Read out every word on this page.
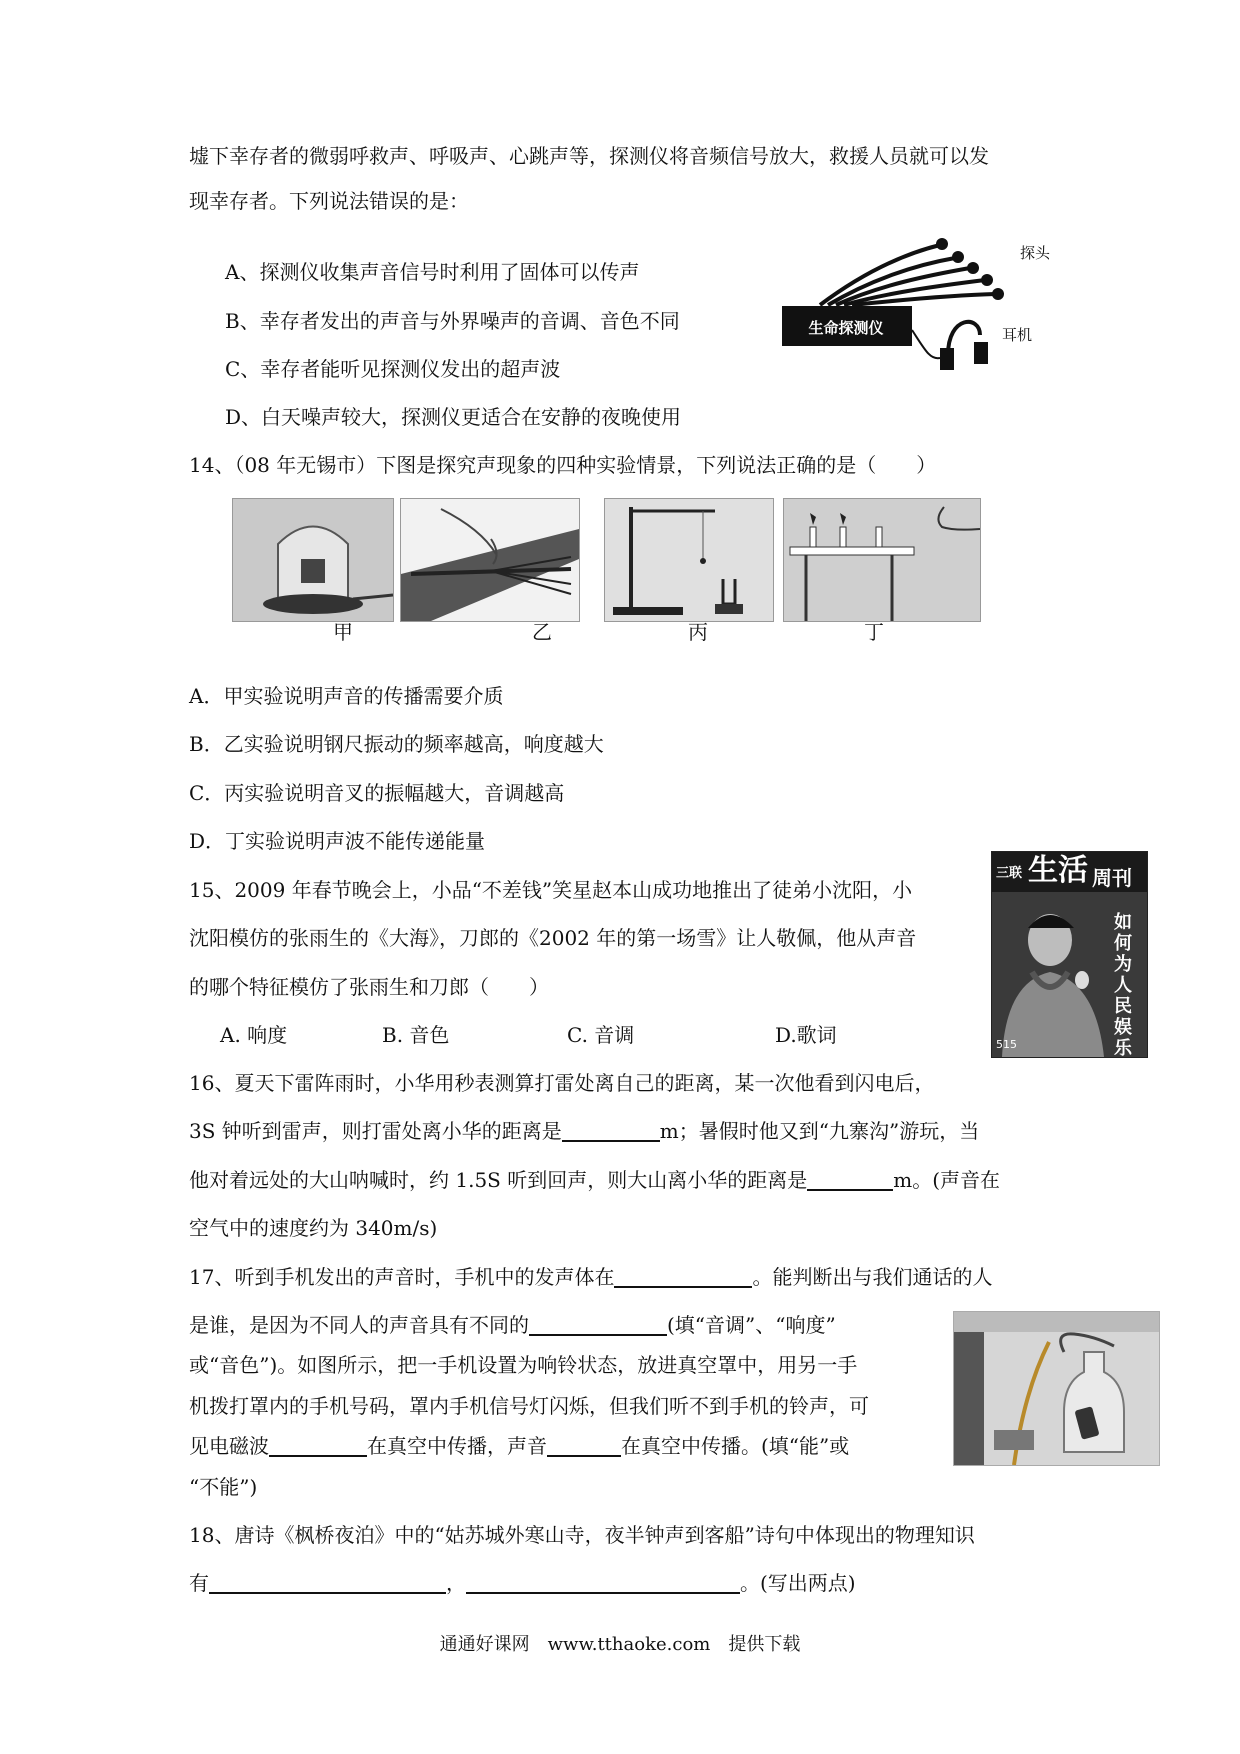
墟下幸存者的微弱呼救声、呼吸声、心跳声等，探测仪将音频信号放大，救援人员就可以发
现幸存者。下列说法错误的是：
A、探测仪收集声音信号时利用了固体可以传声
B、幸存者发出的声音与外界噪声的音调、音色不同
C、幸存者能听见探测仪发出的超声波
D、白天噪声较大，探测仪更适合在安静的夜晚使用
生命探测仪
探头
耳机
14、（08 年无锡市）下图是探究声现象的四种实验情景，下列说法正确的是（　　）
甲	乙	丙	丁
A．甲实验说明声音的传播需要介质
B．乙实验说明钢尺振动的频率越高，响度越大
C．丙实验说明音叉的振幅越大，音调越高
D．丁实验说明声波不能传递能量
15、2009 年春节晚会上，小品“不差钱”笑星赵本山成功地推出了徒弟小沈阳，小
沈阳模仿的张雨生的《大海》，刀郎的《2002 年的第一场雪》让人敬佩，他从声音
的哪个特征模仿了张雨生和刀郎（　　）
A. 响度	B. 音色	C. 音调	D.歌词
三联 生活 周刊
如何为人民娱乐
515
16、夏天下雷阵雨时，小华用秒表测算打雷处离自己的距离，某一次他看到闪电后，
3S 钟听到雷声，则打雷处离小华的距离是	m；暑假时他又到“九寨沟”游玩，当
他对着远处的大山呐喊时，约 1.5S 听到回声，则大山离小华的距离是	m。(声音在
空气中的速度约为 340m/s)
17、听到手机发出的声音时，手机中的发声体在	。能判断出与我们通话的人
是谁，是因为不同人的声音具有不同的	(填“音调”、“响度”
或“音色”)。如图所示，把一手机设置为响铃状态，放进真空罩中，用另一手
机拨打罩内的手机号码，罩内手机信号灯闪烁，但我们听不到手机的铃声，可
见电磁波	在真空中传播，声音	在真空中传播。(填“能”或
“不能”)
18、唐诗《枫桥夜泊》中的“姑苏城外寒山寺，夜半钟声到客船”诗句中体现出的物理知识
有	，	。(写出两点)
通通好课网　www.tthaoke.com　提供下载
